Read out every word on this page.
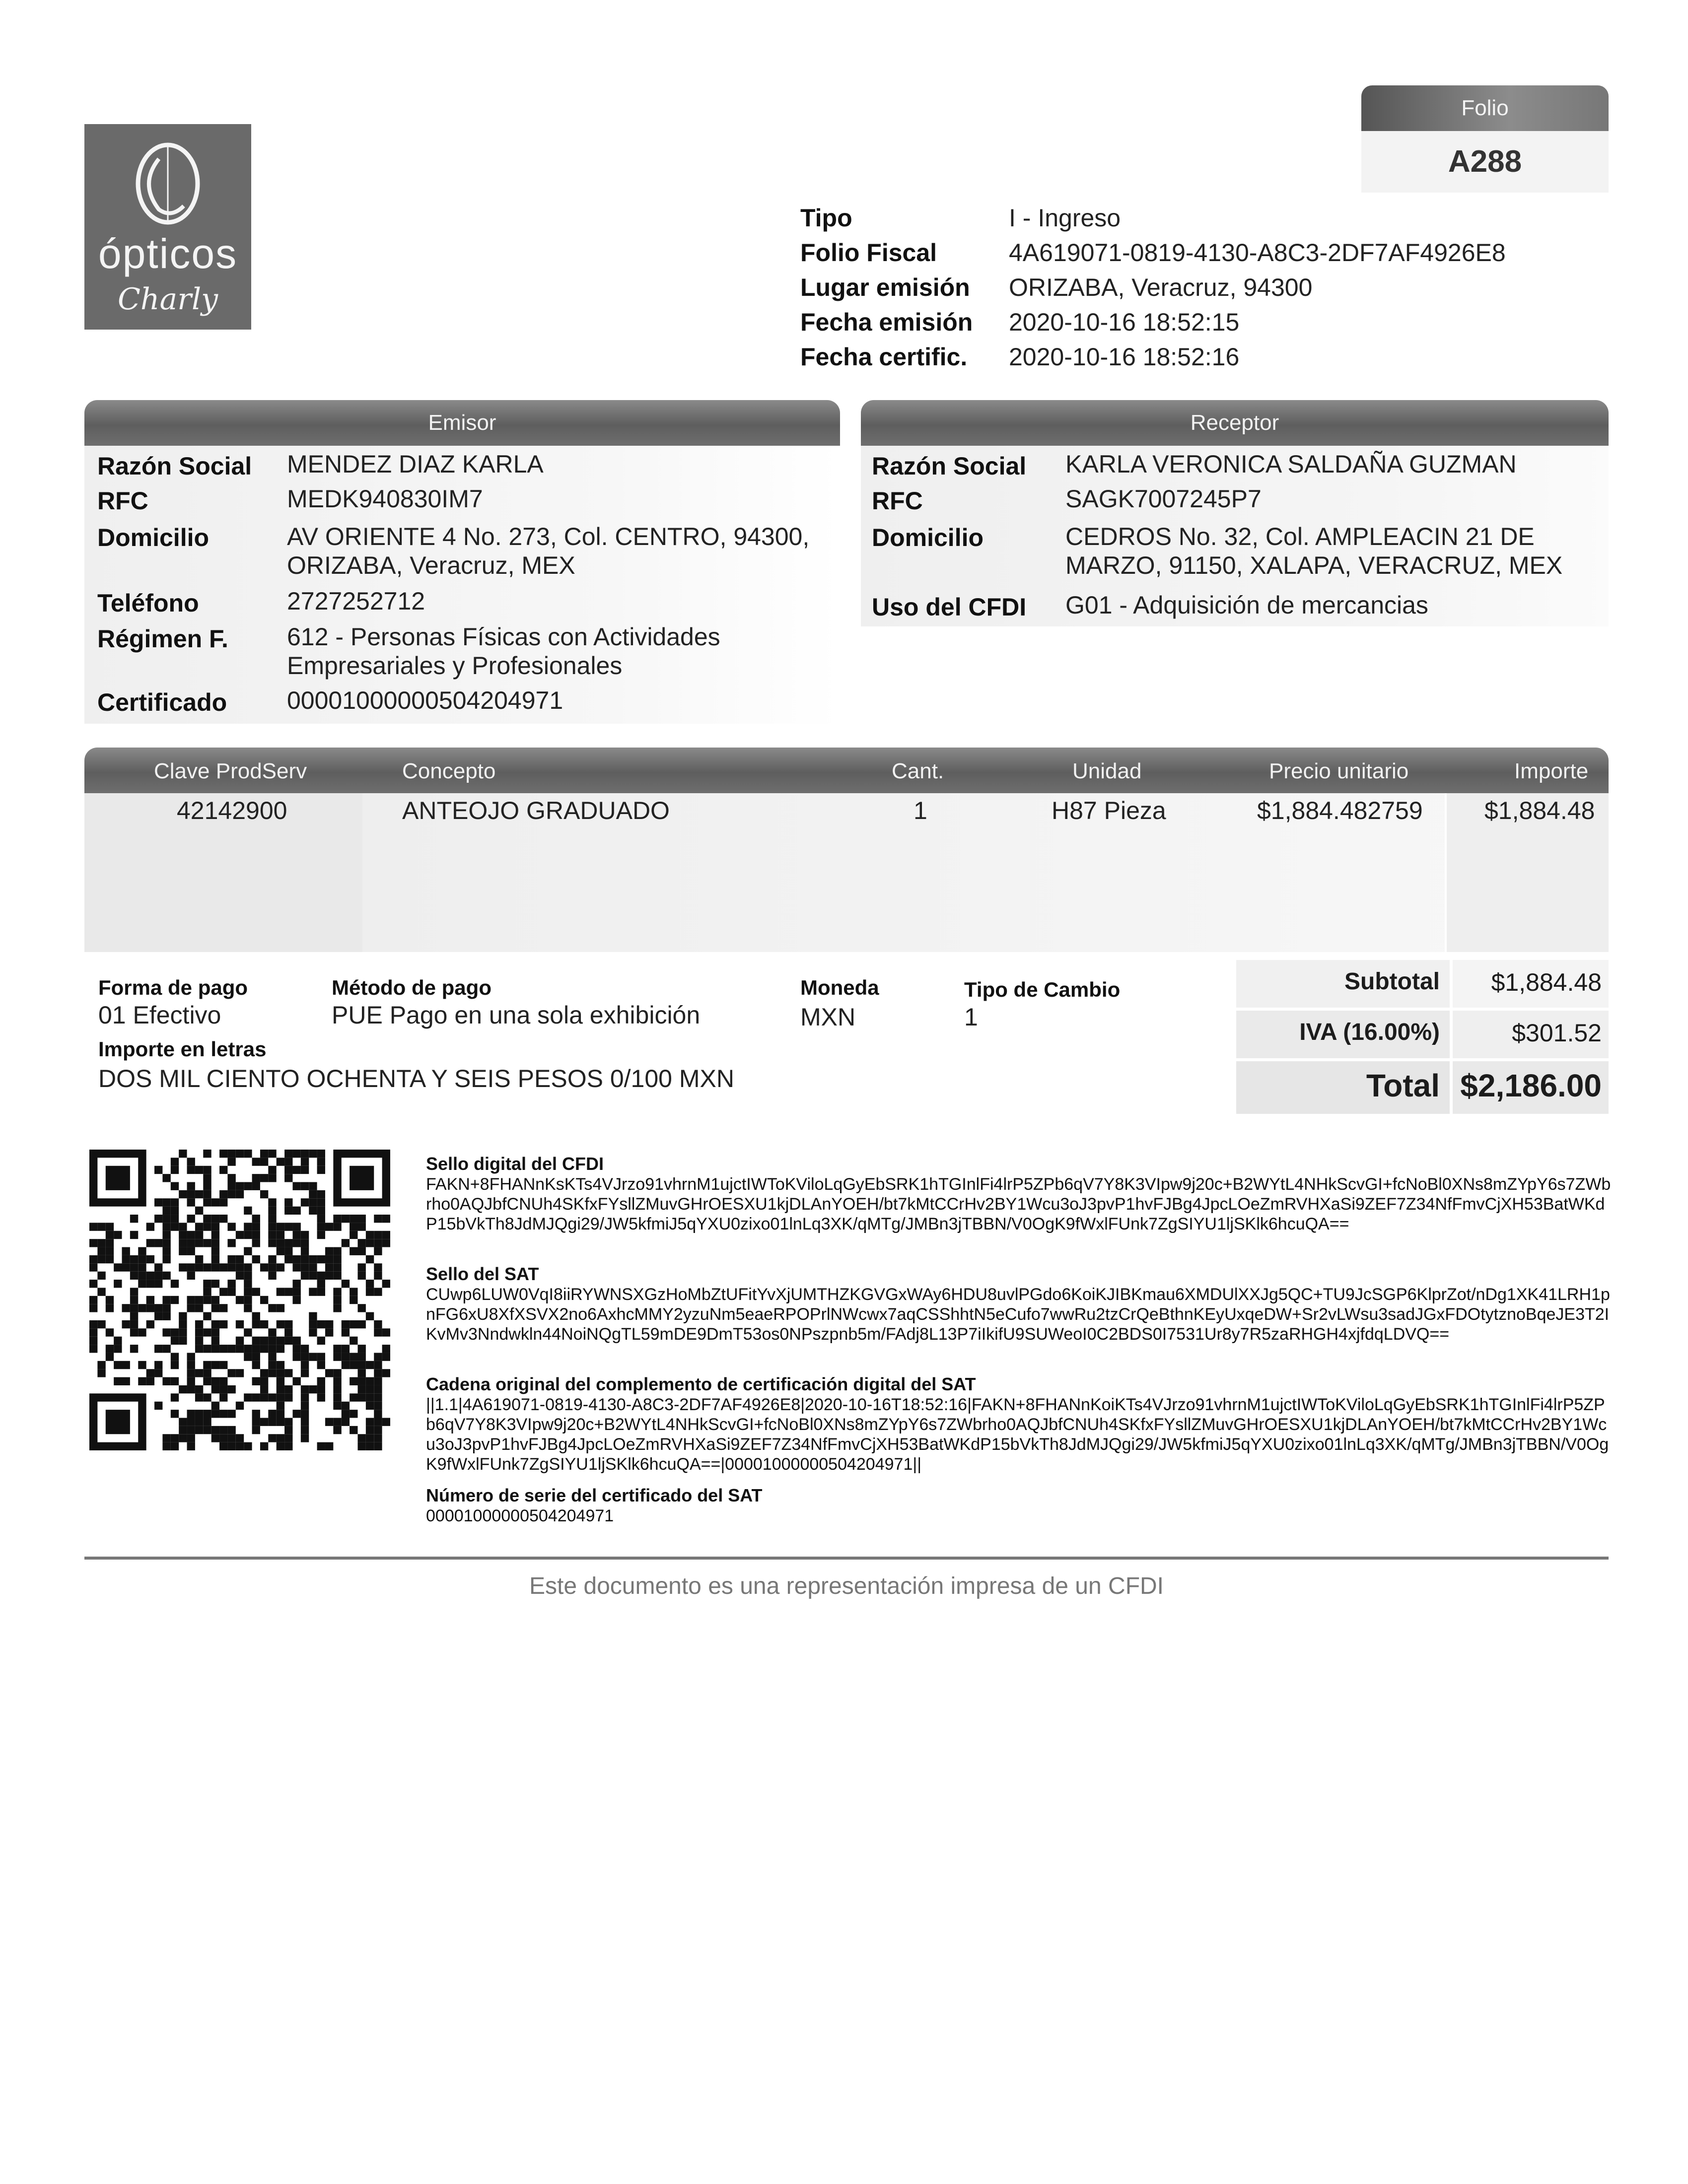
ópticos
Charly
Folio
A288
Tipo	I - Ingreso
Folio Fiscal	4A619071-0819-4130-A8C3-2DF7AF4926E8
Lugar emisión ORIZABA, Veracruz, 94300
Fecha emisión 2020-10-16 18:52:15
Fecha certific. 2020-10-16 18:52:16
Emisor
Razón Social MENDEZ DIAZ KARLA
RFC	MEDK940830IM7
Domicilio	AV ORIENTE 4 No. 273, Col. CENTRO, 94300, ORIZABA, Veracruz, MEX
Teléfono	2727252712
Régimen F. 612 - Personas Físicas con Actividades Empresariales y Profesionales
Certificado 00001000000504204971
Receptor
Razón Social KARLA VERONICA SALDAÑA GUZMAN
RFC	SAGK7007245P7
Domicilio	CEDROS No. 32, Col. AMPLEACIN 21 DE MARZO, 91150, XALAPA, VERACRUZ, MEX
Uso del CFDI G01 - Adquisición de mercancias
Clave ProdServ	Concepto	Cant.	Unidad	Precio unitario	Importe
42142900	ANTEOJO GRADUADO	1	H87 Pieza	$1,884.482759 $1,884.48
Forma de pago
01 Efectivo
Método de pago
PUE Pago en una sola exhibición
Moneda
MXN
Tipo de Cambio
1
Importe en letras
DOS MIL CIENTO OCHENTA Y SEIS PESOS 0/100 MXN
Subtotal	$1,884.48
IVA (16.00%)	$301.52
Total $2,186.00
Sello digital del CFDI
FAKN+8FHANnKsKTs4VJrzo91vhrnM1ujctIWToKViloLqGyEbSRK1hTGInlFi4lrP5ZPb6qV7Y8K3VIpw9j20c+B2WYtL4NHkScvGI+fcNoBl0XNs8mZYpY6s7ZWbrho0AQJbfCNUh4SKfxFYsllZMuvGHrOESXU1kjDLAnYOEH/bt7kMtCCrHv2BY1Wcu3oJ3pvP1hvFJBg4JpcLOeZmRVHXaSi9ZEF7Z34NfFmvCjXH53BatWKdP15bVkTh8JdMJQgi29/JW5kfmiJ5qYXU0zixo01lnLq3XK/qMTg/JMBn3jTBBN/V0OgK9fWxlFUnk7ZgSIYU1ljSKlk6hcuQA==
Sello del SAT
CUwp6LUW0VqI8iiRYWNSXGzHoMbZtUFitYvXjUMTHZKGVGxWAy6HDU8uvlPGdo6KoiKJIBKmau6XMDUlXXJg5QC+TU9JcSGP6KlprZot/nDg1XK41LRH1pnFG6xU8XfXSVX2no6AxhcMMY2yzuNm5eaeRPOPrlNWcwx7aqCSShhtN5eCufo7wwRu2tzCrQeBthnKEyUxqeDW+Sr2vLWsu3sadJGxFDOtytznoBqeJE3T2IKvMv3Nndwkln44NoiNQgTL59mDE9DmT53os0NPszpnb5m/FAdj8L13P7iIkifU9SUWeoI0C2BDS0I7531Ur8y7R5zaRHGH4xjfdqLDVQ==
Cadena original del complemento de certificación digital del SAT
||1.1|4A619071-0819-4130-A8C3-2DF7AF4926E8|2020-10-16T18:52:16|FAKN+8FHANnKoiKTs4VJrzo91vhrnM1ujctIWToKViloLqGyEbSRK1hTGInlFi4lrP5ZPb6qV7Y8K3VIpw9j20c+B2WYtL4NHkScvGI+fcNoBl0XNs8mZYpY6s7ZWbrho0AQJbfCNUh4SKfxFYsllZMuvGHrOESXU1kjDLAnYOEH/bt7kMtCCrHv2BY1Wcu3oJ3pvP1hvFJBg4JpcLOeZmRVHXaSi9ZEF7Z34NfFmvCjXH53BatWKdP15bVkTh8JdMJQgi29/JW5kfmiJ5qYXU0zixo01lnLq3XK/qMTg/JMBn3jTBBN/V0OgK9fWxlFUnk7ZgSIYU1ljSKlk6hcuQA==|00001000000504204971||
Número de serie del certificado del SAT
00001000000504204971
Este documento es una representación impresa de un CFDI
